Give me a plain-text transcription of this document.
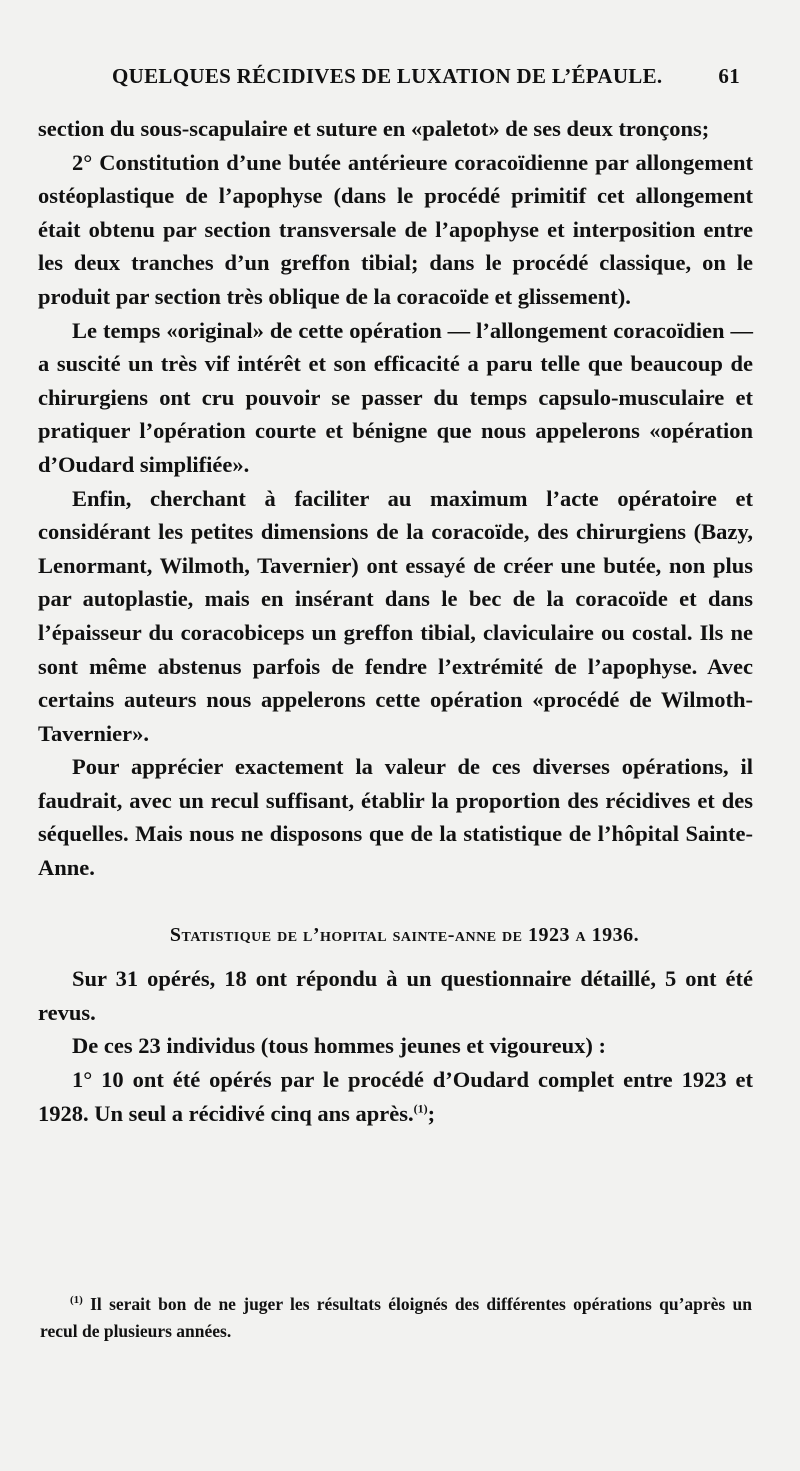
QUELQUES RÉCIDIVES DE LUXATION DE L’ÉPAULE.	61

section du sous-scapulaire et suture en «paletot» de ses deux tronçons;

2° Constitution d’une butée antérieure coracoïdienne par allongement ostéoplastique de l’apophyse (dans le procédé primitif cet allongement était obtenu par section transversale de l’apophyse et interposition entre les deux tranches d’un greffon tibial; dans le procédé classique, on le produit par section très oblique de la coracoïde et glissement).

Le temps «original» de cette opération — l’allongement coracoïdien — a suscité un très vif intérêt et son efficacité a paru telle que beaucoup de chirurgiens ont cru pouvoir se passer du temps capsulo-musculaire et pratiquer l’opération courte et bénigne que nous appelerons «opération d’Oudard simplifiée».

Enfin, cherchant à faciliter au maximum l’acte opératoire et considérant les petites dimensions de la coracoïde, des chirurgiens (Bazy, Lenormant, Wilmoth, Tavernier) ont essayé de créer une butée, non plus par autoplastie, mais en insérant dans le bec de la coracoïde et dans l’épaisseur du coracobiceps un greffon tibial, claviculaire ou costal. Ils ne sont même abstenus parfois de fendre l’extrémité de l’apophyse. Avec certains auteurs nous appelerons cette opération «procédé de Wilmoth-Tavernier».

Pour apprécier exactement la valeur de ces diverses opérations, il faudrait, avec un recul suffisant, établir la proportion des récidives et des séquelles. Mais nous ne disposons que de la statistique de l’hôpital Sainte-Anne.

Statistique de l’hopital sainte-anne de 1923 a 1936.

Sur 31 opérés, 18 ont répondu à un questionnaire détaillé, 5 ont été revus.

De ces 23 individus (tous hommes jeunes et vigoureux) :

1° 10 ont été opérés par le procédé d’Oudard complet entre 1923 et 1928. Un seul a récidivé cinq ans après.$^{(1)}$;

$^{(1)}$ Il serait bon de ne juger les résultats éloignés des différentes opérations qu’après un recul de plusieurs années.
